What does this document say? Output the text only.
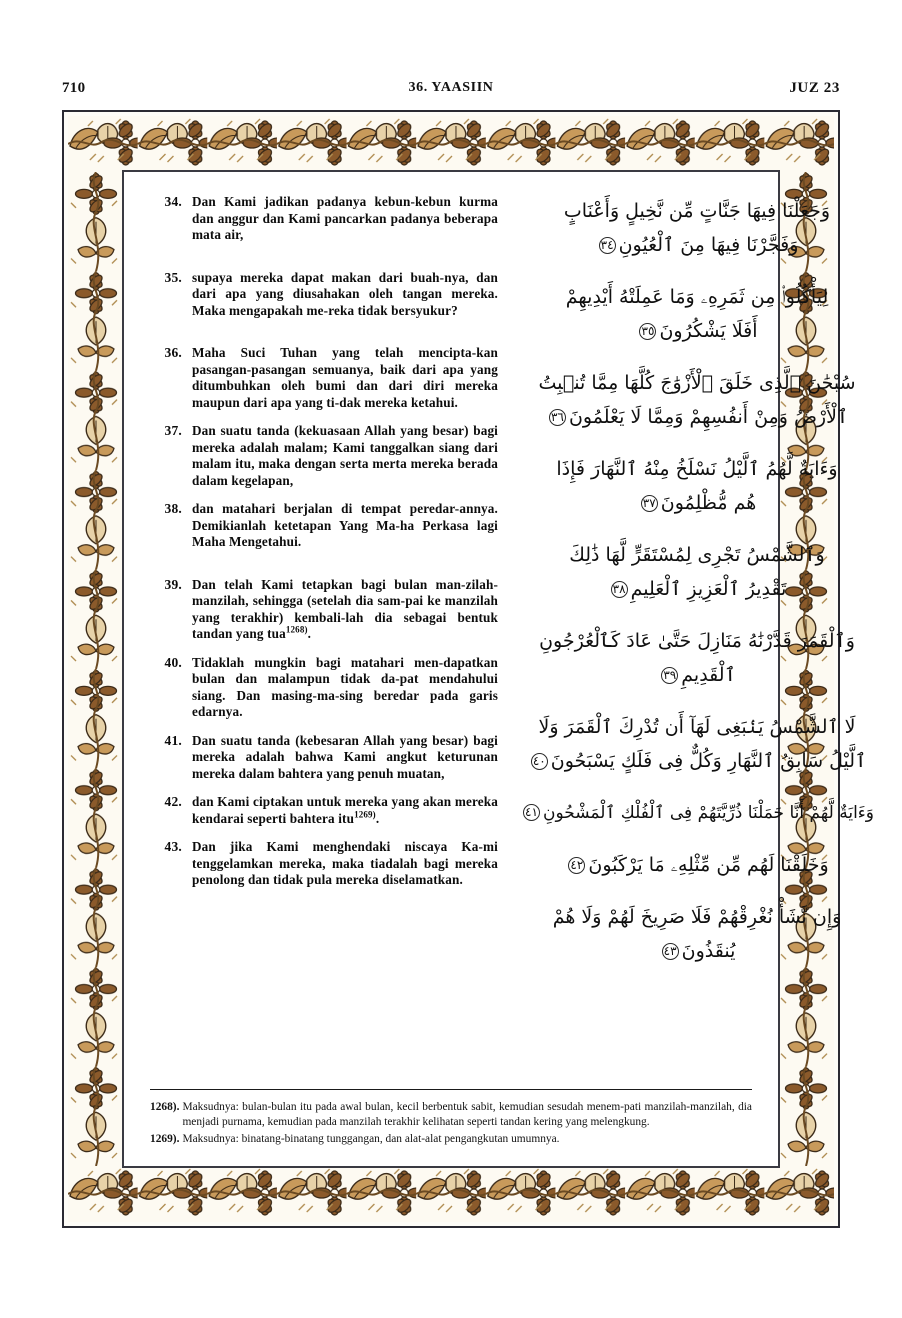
710	36. YAASIIN	JUZ 23
34. Dan Kami jadikan padanya kebun-kebun kurma dan anggur dan Kami pancarkan padanya beberapa mata air,
35. supaya mereka dapat makan dari buah-nya, dan dari apa yang diusahakan oleh tangan mereka. Maka mengapakah me-reka tidak bersyukur?
36. Maha Suci Tuhan yang telah mencipta-kan pasangan-pasangan semuanya, baik dari apa yang ditumbuhkan oleh bumi dan dari diri mereka maupun dari apa yang ti-dak mereka ketahui.
37. Dan suatu tanda (kekuasaan Allah yang besar) bagi mereka adalah malam; Kami tanggalkan siang dari malam itu, maka dengan serta merta mereka berada dalam kegelapan,
38. dan matahari berjalan di tempat peredar-annya. Demikianlah ketetapan Yang Ma-ha Perkasa lagi Maha Mengetahui.
39. Dan telah Kami tetapkan bagi bulan man-zilah-manzilah, sehingga (setelah dia sam-pai ke manzilah yang terakhir) kembali-lah dia sebagai bentuk tandan yang tua$^{1268)}$.
40. Tidaklah mungkin bagi matahari men-dapatkan bulan dan malampun tidak da-pat mendahului siang. Dan masing-ma-sing beredar pada garis edarnya.
41. Dan suatu tanda (kebesaran Allah yang besar) bagi mereka adalah bahwa Kami angkut keturunan mereka dalam bahtera yang penuh muatan,
42. dan Kami ciptakan untuk mereka yang akan mereka kendarai seperti bahtera itu$^{1269)}$.
43. Dan jika Kami menghendaki niscaya Ka-mi tenggelamkan mereka, maka tiadalah bagi mereka penolong dan tidak pula mereka diselamatkan.
وَجَعَلْنَا فِيهَا جَنَّاتٍ مِّن نَّخِيلٍ وَأَعْنَابٍ
وَفَجَّرْنَا فِيهَا مِنَ ٱلْعُيُونِ٣٤
لِيَأْكُلُوا۟ مِن ثَمَرِهِۦ وَمَا عَمِلَتْهُ أَيْدِيهِمْ
أَفَلَا يَشْكُرُونَ٣٥
سُبْحَٰنَ ٱلَّذِى خَلَقَ ٱلْأَزْوَٰجَ كُلَّهَا مِمَّا تُنۢبِتُ
ٱلْأَرْضُ وَمِنْ أَنفُسِهِمْ وَمِمَّا لَا يَعْلَمُونَ٣٦
وَءَايَةٌ لَّهُمُ ٱلَّيْلُ نَسْلَخُ مِنْهُ ٱلنَّهَارَ فَإِذَا
هُم مُّظْلِمُونَ٣٧
وَٱلشَّمْسُ تَجْرِى لِمُسْتَقَرٍّ لَّهَا ذَٰلِكَ
تَقْدِيرُ ٱلْعَزِيزِ ٱلْعَلِيمِ٣٨
وَٱلْقَمَرَ قَدَّرْنَٰهُ مَنَازِلَ حَتَّىٰ عَادَ كَٱلْعُرْجُونِ
ٱلْقَدِيمِ٣٩
لَا ٱلشَّمْسُ يَنۢبَغِى لَهَآ أَن تُدْرِكَ ٱلْقَمَرَ وَلَا
ٱلَّيْلُ سَابِقُ ٱلنَّهَارِ وَكُلٌّ فِى فَلَكٍ يَسْبَحُونَ٤٠
وَءَايَةٌ لَّهُمْ أَنَّا حَمَلْنَا ذُرِّيَّتَهُمْ فِى ٱلْفُلْكِ ٱلْمَشْحُونِ٤١
وَخَلَقْنَا لَهُم مِّن مِّثْلِهِۦ مَا يَرْكَبُونَ٤٢
وَإِن نَّشَأْ نُغْرِقْهُمْ فَلَا صَرِيخَ لَهُمْ وَلَا هُمْ
يُنقَذُونَ٤٣
1268). Maksudnya: bulan-bulan itu pada awal bulan, kecil berbentuk sabit, kemudian sesudah menem-pati manzilah-manzilah, dia menjadi purnama, kemudian pada manzilah terakhir kelihatan seperti tandan kering yang melengkung.
1269). Maksudnya: binatang-binatang tunggangan, dan alat-alat pengangkutan umumnya.
